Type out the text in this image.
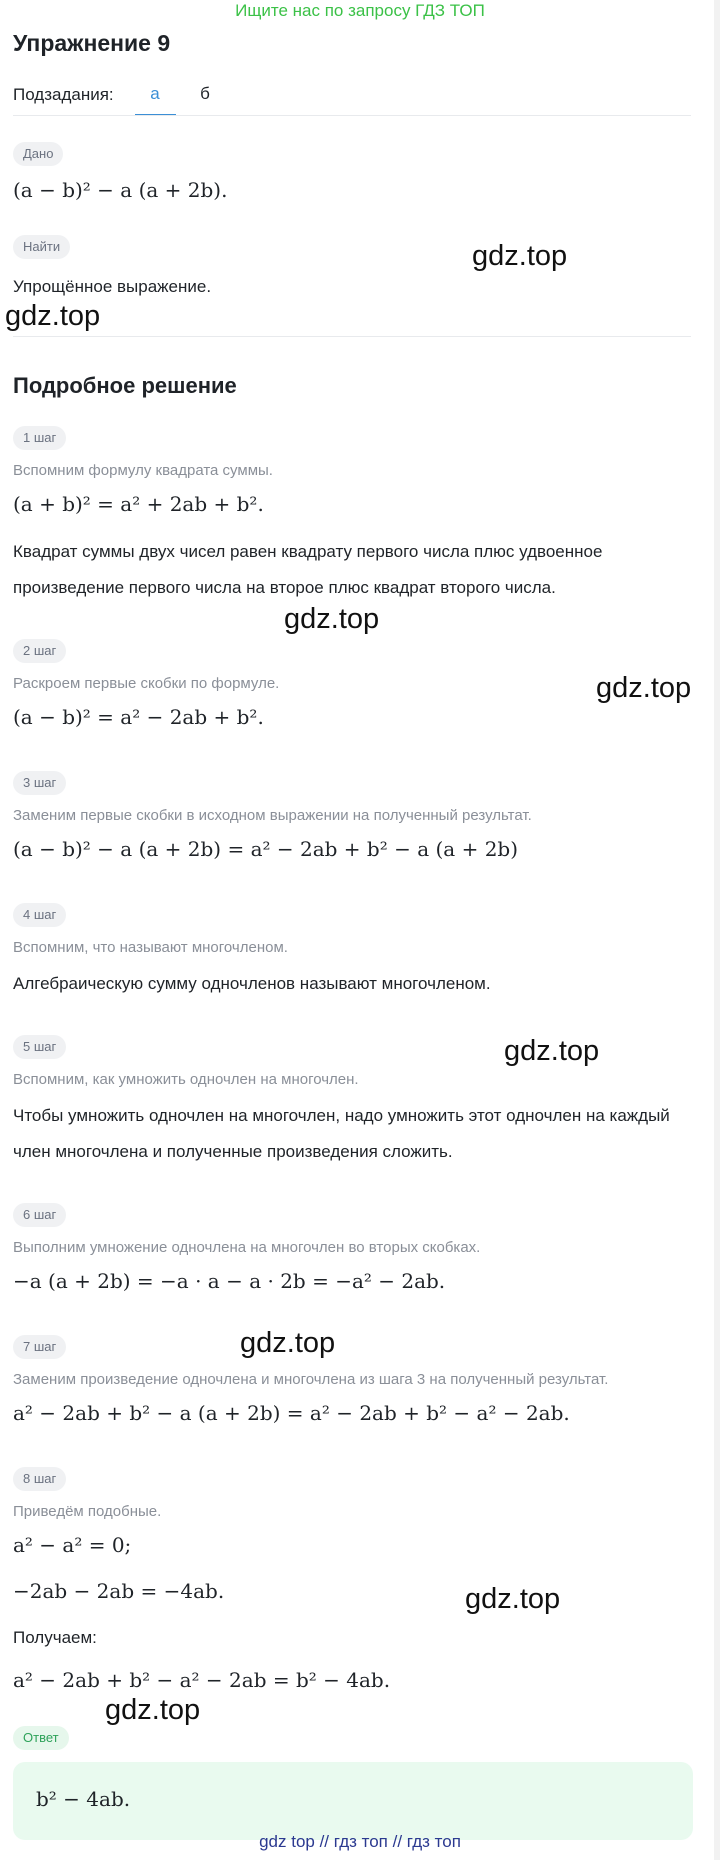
Ищите нас по запросу ГДЗ ТОП
Упражнение 9
Подзадания:	а	б
Дано
(a − b)² − a (a + 2b).
Найти
Упрощённое выражение.
Подробное решение
1 шаг
Вспомним формулу квадрата суммы.
(a + b)² = a² + 2ab + b².
Квадрат суммы двух чисел равен квадрату первого числа плюс удвоенное произведение первого числа на второе плюс квадрат второго числа.
2 шаг
Раскроем первые скобки по формуле.
(a − b)² = a² − 2ab + b².
3 шаг
Заменим первые скобки в исходном выражении на полученный результат.
(a − b)² − a (a + 2b) = a² − 2ab + b² − a (a + 2b)
4 шаг
Вспомним, что называют многочленом.
Алгебраическую сумму одночленов называют многочленом.
5 шаг
Вспомним, как умножить одночлен на многочлен.
Чтобы умножить одночлен на многочлен, надо умножить этот одночлен на каждый член многочлена и полученные произведения сложить.
6 шаг
Выполним умножение одночлена на многочлен во вторых скобках.
−a (a + 2b) = −a · a − a · 2b = −a² − 2ab.
7 шаг
Заменим произведение одночлена и многочлена из шага 3 на полученный результат.
a² − 2ab + b² − a (a + 2b) = a² − 2ab + b² − a² − 2ab.
8 шаг
Приведём подобные.
a² − a² = 0;
−2ab − 2ab = −4ab.
Получаем:
a² − 2ab + b² − a² − 2ab = b² − 4ab.
Ответ
b² − 4ab.
gdz.top
gdz.top
gdz.top
gdz.top
gdz.top
gdz.top
gdz.top
gdz.top
gdz top // гдз топ // гдз топ
